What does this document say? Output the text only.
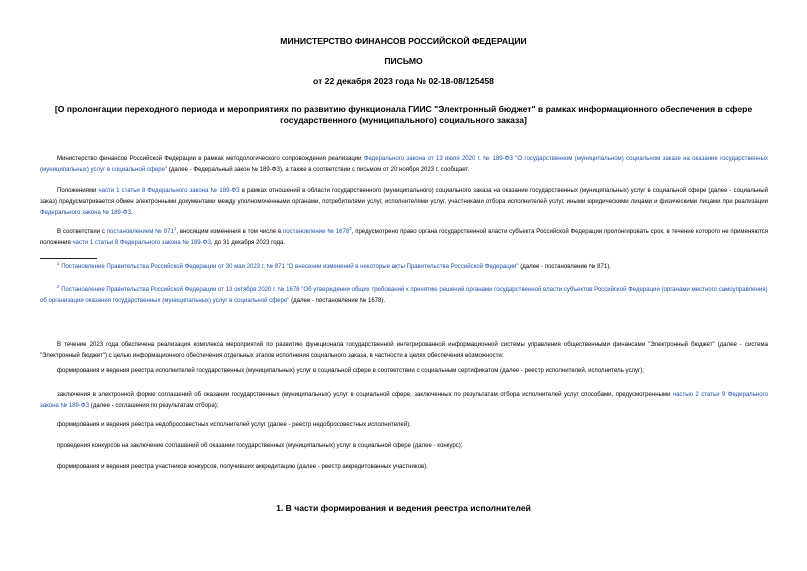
МИНИСТЕРСТВО ФИНАНСОВ РОССИЙСКОЙ ФЕДЕРАЦИИ
ПИСЬМО
от 22 декабря 2023 года № 02-18-08/125458
[О пролонгации переходного периода и мероприятиях по развитию функционала ГИИС "Электронный бюджет" в рамках информационного обеспечения в сфере государственного (муниципального) социального заказа]
Министерство финансов Российской Федерации в рамках методологического сопровождения реализации Федерального закона от 13 июля 2020 г. № 189-ФЗ "О государственном (муниципальном) социальном заказе на оказание государственных (муниципальных) услуг в социальной сфере" (далее - Федеральный закон № 189-ФЗ), а также в соответствии с письмом от 20 ноября 2023 г. сообщает.
Положениями части 1 статьи 8 Федерального закона № 189-ФЗ в рамках отношений в области государственного (муниципального) социального заказа на оказание государственных (муниципальных) услуг в социальной сфере (далее - социальный заказ) предусматривается обмен электронными документами между уполномоченными органами, потребителями услуг, исполнителями услуг, участниками отбора исполнителей услуг, иными юридическими лицами и физическими лицами при реализации Федерального закона № 189-ФЗ.
В соответствии с постановлением № $871^1$, вносящим изменения в том числе в постановление № 1678$^2$, предусмотрено право органа государственной власти субъекта Российской Федерации пролонгировать срок, в течение которого не применяются положения части 1 статьи 8 Федерального закона № 189-ФЗ, до 31 декабря 2023 года.
$^1$ Постановление Правительства Российской Федерации от 30 мая 2023 г. № 871 "О внесении изменений в некоторые акты Правительства Российской Федерации" (далее - постановление № 871).
$^2$ Постановление Правительства Российской Федерации от 13 октября 2020 г. № 1678 "Об утверждении общих требований к принятию решений органами государственной власти субъектов Российской Федерации (органами местного самоуправления) об организации оказания государственных (муниципальных) услуг в социальной сфере" (далее - постановление № 1678).
В течение 2023 года обеспечена реализация комплекса мероприятий по развитию функционала государственной интегрированной информационной системы управления общественными финансами "Электронный бюджет" (далее - система "Электронный бюджет") с целью информационного обеспечения отдельных этапов исполнения социального заказа, в частности в целях обеспечения возможности:
формирования и ведения реестра исполнителей государственных (муниципальных) услуг в социальной сфере в соответствии с социальным сертификатом (далее - реестр исполнителей, исполнитель услуг);
заключения в электронной форме соглашений об оказании государственных (муниципальных) услуг в социальной сфере, заключенных по результатам отбора исполнителей услуг способами, предусмотренными частью 2 статьи 9 Федерального закона № 189-ФЗ (далее - соглашения по результатам отбора);
формирования и ведения реестра недобросовестных исполнителей услуг (далее - реестр недобросовестных исполнителей);
проведения конкурсов на заключение соглашений об оказании государственных (муниципальных) услуг в социальной сфере (далее - конкурс);
формирования и ведения реестра участников конкурсов, получивших аккредитацию (далее - реестр аккредитованных участников).
1. В части формирования и ведения реестра исполнителей
